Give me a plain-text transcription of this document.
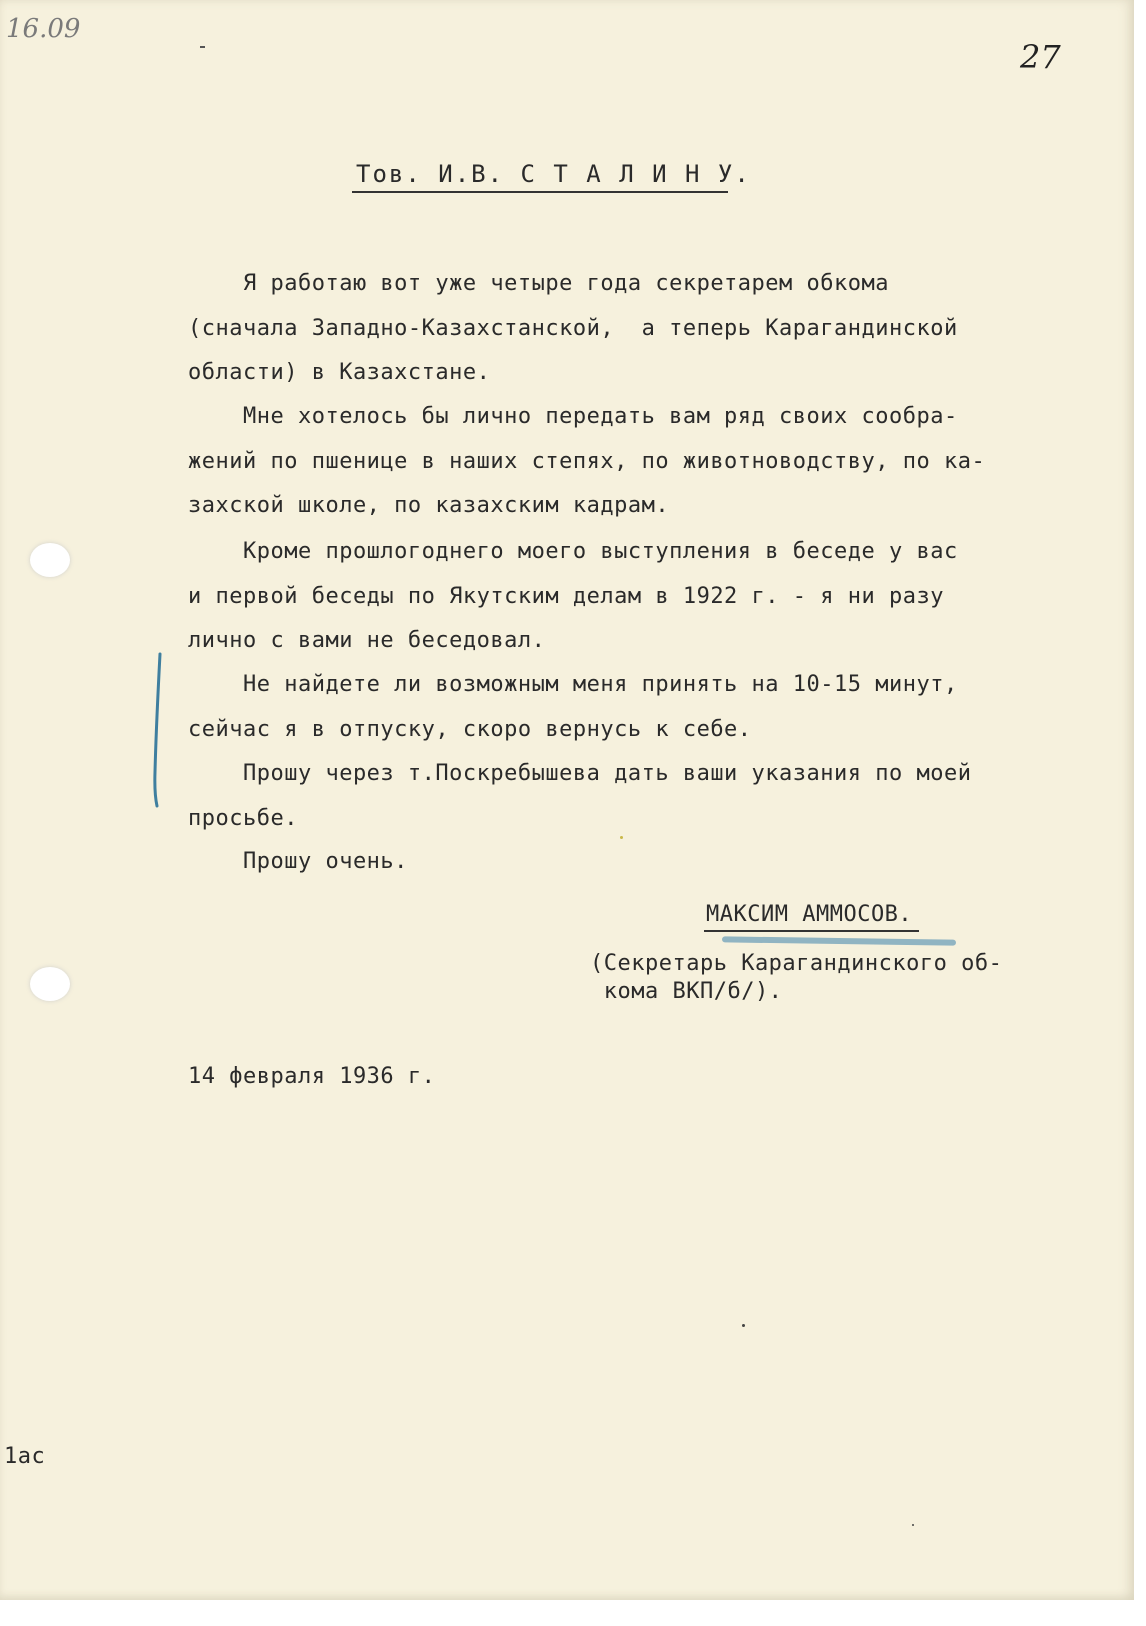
16.09
27
Тов. И.В. С Т А Л И Н У.
Я работаю вот уже четыре года секретарем обкома
(сначала Западно-Казахстанской,  а теперь Карагандинской
области) в Казахстане.
Мне хотелось бы лично передать вам ряд своих сообра-
жений по пшенице в наших степях, по животноводству, по ка-
захской школе, по казахским кадрам.
Кроме прошлогоднего моего выступления в беседе у вас
и первой беседы по Якутским делам в 1922 г. - я ни разу
лично с вами не беседовал.
Не найдете ли возможным меня принять на 10-15 минут,
сейчас я в отпуску, скоро вернусь к себе.
Прошу через т.Поскребышева дать ваши указания по моей
просьбе.
Прошу очень.
МАКСИМ АММОСОВ.
(Секретарь Карагандинского об-
кома ВКП/б/).
14 февраля 1936 г.
1ас
